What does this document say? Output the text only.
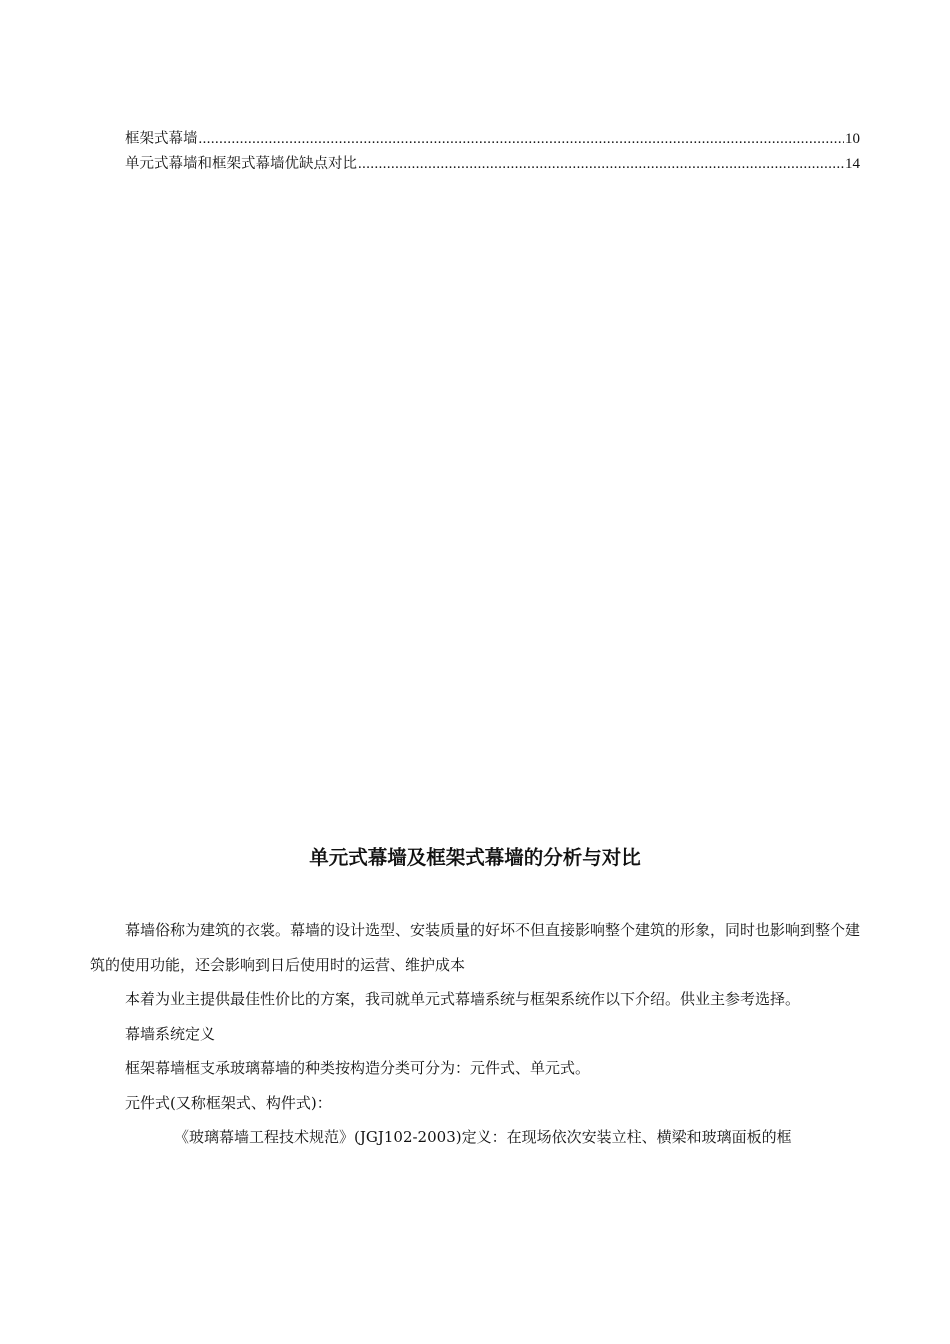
框架式幕墙 .....	10
单元式幕墙和框架式幕墙优缺点对比 .....	14
单元式幕墙及框架式幕墙的分析与对比

幕墙俗称为建筑的衣裳。幕墙的设计选型、安装质量的好坏不但直接影响整个建筑的形象，同时也影响到整个建筑的使用功能，还会影响到日后使用时的运营、维护成本

本着为业主提供最佳性价比的方案，我司就单元式幕墙系统与框架系统作以下介绍。供业主参考选择。

幕墙系统定义

框架幕墙框支承玻璃幕墙的种类按构造分类可分为：元件式、单元式。

元件式(又称框架式、构件式)：

《玻璃幕墙工程技术规范》(JGJ102-2003)定义：在现场依次安装立柱、横梁和玻璃面板的框
